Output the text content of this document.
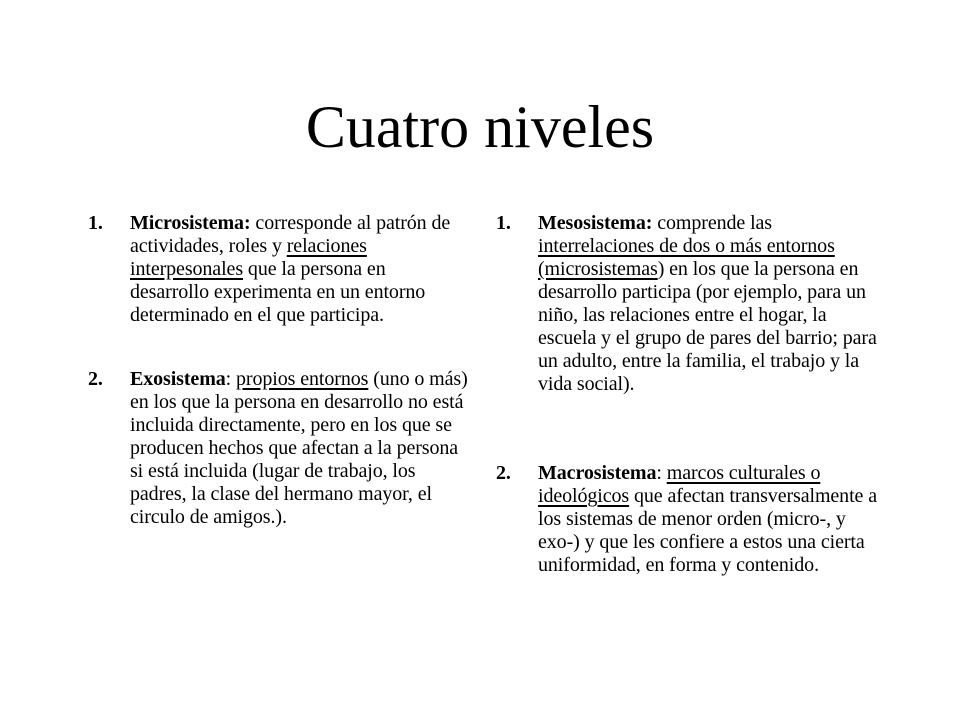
Cuatro niveles
1. Microsistema: corresponde al patrón de actividades, roles y relaciones interpesonales que la persona en desarrollo experimenta en un entorno determinado en el que participa.
2. Exosistema: propios entornos (uno o más) en los que la persona en desarrollo no está incluida directamente, pero en los que se producen hechos que afectan a la persona si está incluida (lugar de trabajo, los padres, la clase del hermano mayor, el circulo de amigos.).
1. Mesosistema: comprende las interrelaciones de dos o más entornos (microsistemas) en los que la persona en desarrollo participa (por ejemplo, para un niño, las relaciones entre el hogar, la escuela y el grupo de pares del barrio; para un adulto, entre la familia, el trabajo y la vida social).
2. Macrosistema: marcos culturales o ideológicos que afectan transversalmente a los sistemas de menor orden (micro-, y exo-) y que les confiere a estos una cierta uniformidad, en forma y contenido.
